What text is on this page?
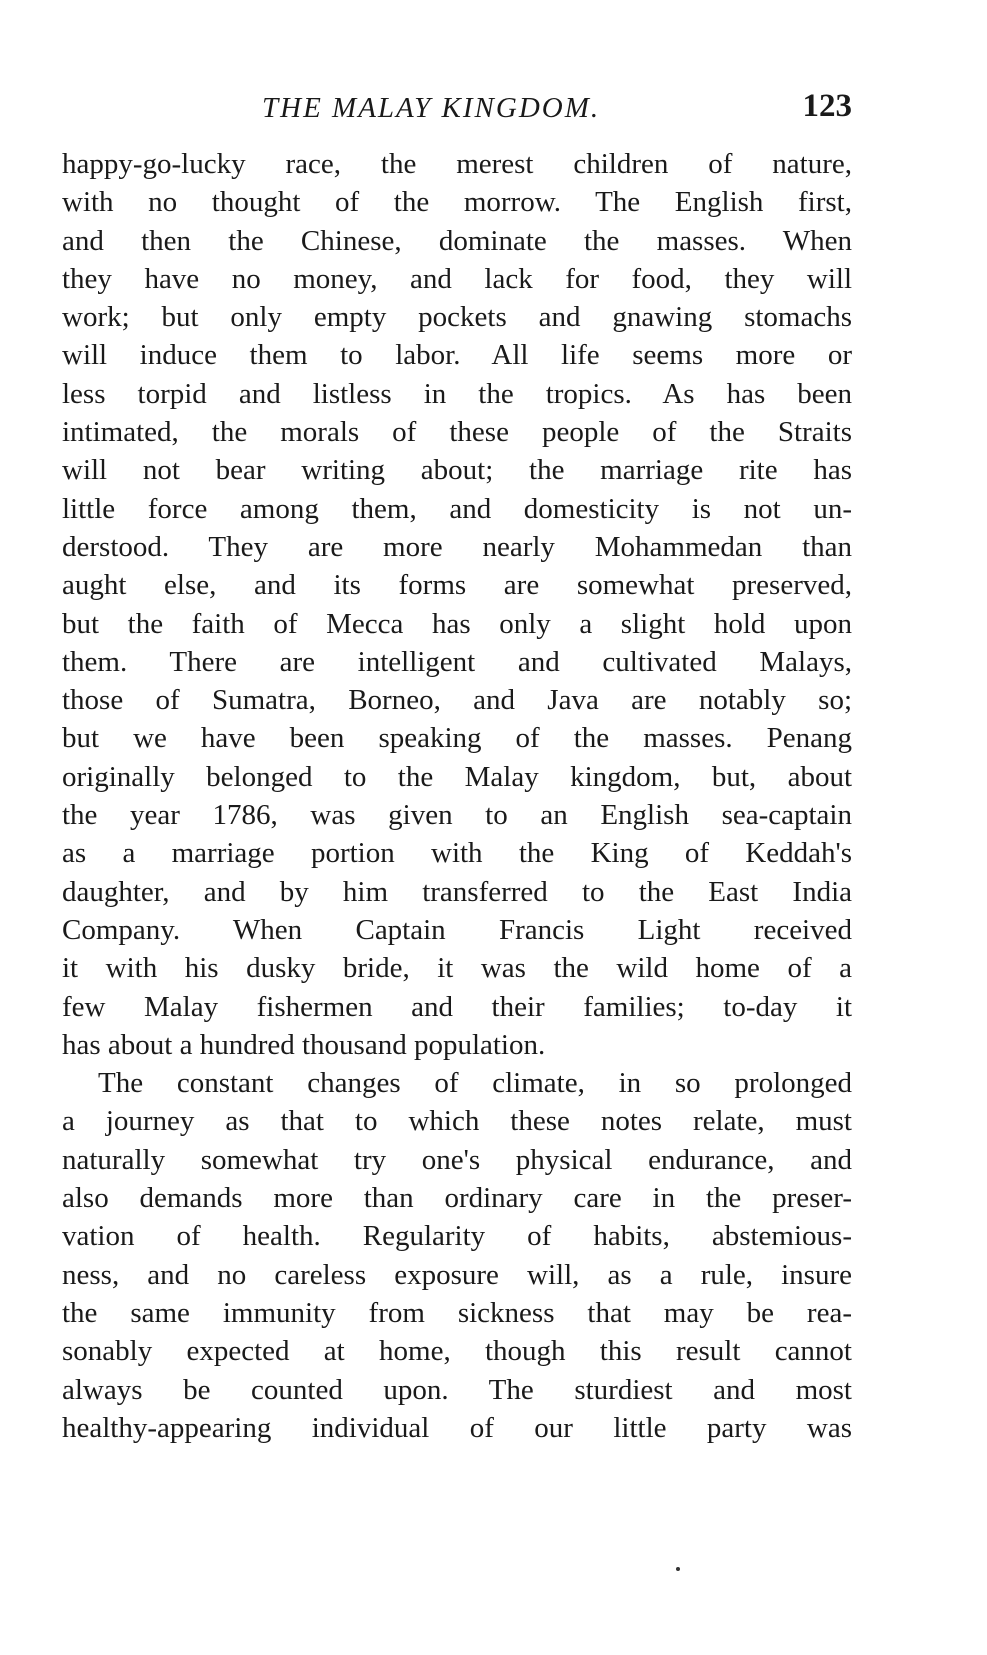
THE MALAY KINGDOM.	123
happy-go-lucky race, the merest children of nature,
with no thought of the morrow. The English first,
and then the Chinese, dominate the masses. When
they have no money, and lack for food, they will
work; but only empty pockets and gnawing stomachs
will induce them to labor. All life seems more or
less torpid and listless in the tropics. As has been
intimated, the morals of these people of the Straits
will not bear writing about; the marriage rite has
little force among them, and domesticity is not un-
derstood. They are more nearly Mohammedan than
aught else, and its forms are somewhat preserved,
but the faith of Mecca has only a slight hold upon
them. There are intelligent and cultivated Malays,
those of Sumatra, Borneo, and Java are notably so;
but we have been speaking of the masses. Penang
originally belonged to the Malay kingdom, but, about
the year 1786, was given to an English sea-captain
as a marriage portion with the King of Keddah's
daughter, and by him transferred to the East India
Company. When Captain Francis Light received
it with his dusky bride, it was the wild home of a
few Malay fishermen and their families; to-day it
has about a hundred thousand population.
The constant changes of climate, in so prolonged
a journey as that to which these notes relate, must
naturally somewhat try one's physical endurance, and
also demands more than ordinary care in the preser-
vation of health. Regularity of habits, abstemious-
ness, and no careless exposure will, as a rule, insure
the same immunity from sickness that may be rea-
sonably expected at home, though this result cannot
always be counted upon. The sturdiest and most
healthy-appearing individual of our little party was
